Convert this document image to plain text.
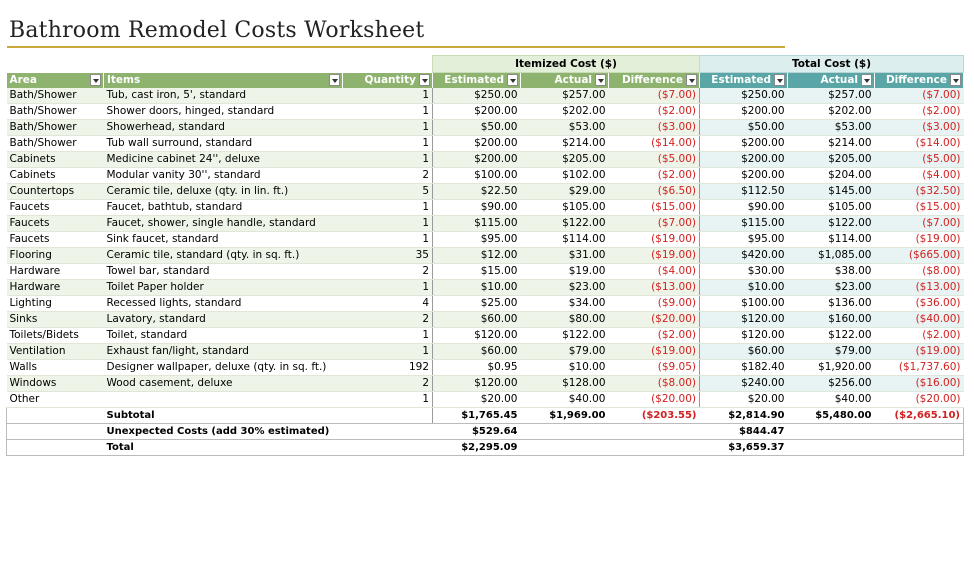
Bathroom Remodel Costs Worksheet
			Itemized Cost ($)			Total Cost ($)		
Area	Items	Quantity	Estimated	Actual	Difference	Estimated	Actual	Difference

Bath/Shower	Tub, cast iron, 5', standard	1	$250.00	$257.00	($7.00)	$250.00	$257.00	($7.00)
Bath/Shower	Shower doors, hinged, standard	1	$200.00	$202.00	($2.00)	$200.00	$202.00	($2.00)
Bath/Shower	Showerhead, standard	1	$50.00	$53.00	($3.00)	$50.00	$53.00	($3.00)
Bath/Shower	Tub wall surround, standard	1	$200.00	$214.00	($14.00)	$200.00	$214.00	($14.00)
Cabinets	Medicine cabinet 24'', deluxe	1	$200.00	$205.00	($5.00)	$200.00	$205.00	($5.00)
Cabinets	Modular vanity 30'', standard	2	$100.00	$102.00	($2.00)	$200.00	$204.00	($4.00)
Countertops	Ceramic tile, deluxe (qty. in lin. ft.)	5	$22.50	$29.00	($6.50)	$112.50	$145.00	($32.50)
Faucets	Faucet, bathtub, standard	1	$90.00	$105.00	($15.00)	$90.00	$105.00	($15.00)
Faucets	Faucet, shower, single handle, standard	1	$115.00	$122.00	($7.00)	$115.00	$122.00	($7.00)
Faucets	Sink faucet, standard	1	$95.00	$114.00	($19.00)	$95.00	$114.00	($19.00)
Flooring	Ceramic tile, standard (qty. in sq. ft.)	35	$12.00	$31.00	($19.00)	$420.00	$1,085.00	($665.00)
Hardware	Towel bar, standard	2	$15.00	$19.00	($4.00)	$30.00	$38.00	($8.00)
Hardware	Toilet Paper holder	1	$10.00	$23.00	($13.00)	$10.00	$23.00	($13.00)
Lighting	Recessed lights, standard	4	$25.00	$34.00	($9.00)	$100.00	$136.00	($36.00)
Sinks	Lavatory, standard	2	$60.00	$80.00	($20.00)	$120.00	$160.00	($40.00)
Toilets/Bidets	Toilet, standard	1	$120.00	$122.00	($2.00)	$120.00	$122.00	($2.00)
Ventilation	Exhaust fan/light, standard	1	$60.00	$79.00	($19.00)	$60.00	$79.00	($19.00)
Walls	Designer wallpaper, deluxe (qty. in sq. ft.)	192	$0.95	$10.00	($9.05)	$182.40	$1,920.00	($1,737.60)
Windows	Wood casement, deluxe	2	$120.00	$128.00	($8.00)	$240.00	$256.00	($16.00)
Other		1	$20.00	$40.00	($20.00)	$20.00	$40.00	($20.00)
	Subtotal		$1,765.45	$1,969.00	($203.55)	$2,814.90	$5,480.00	($2,665.10)
	Unexpected Costs (add 30% estimated)		$529.64			$844.47		
	Total		$2,295.09			$3,659.37		
